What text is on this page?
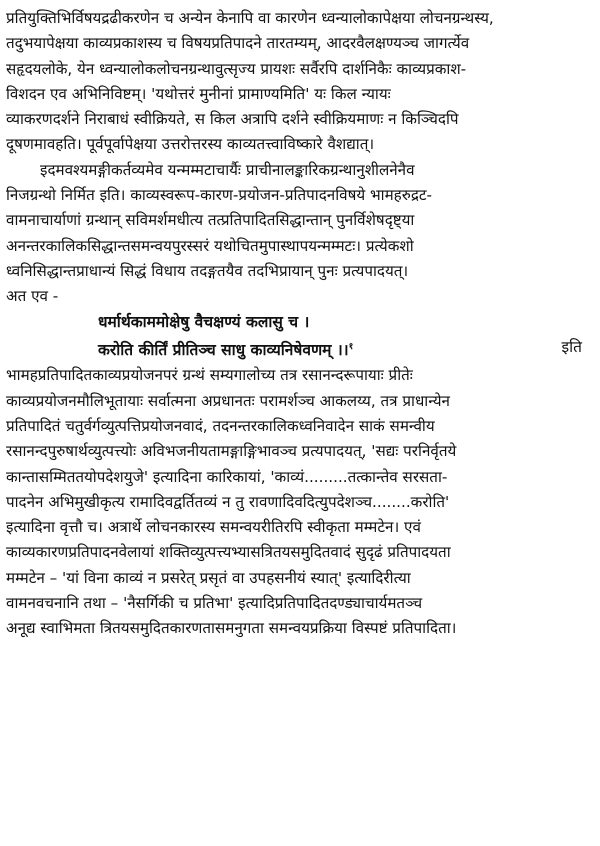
प्रतियुक्तिभिर्विषयद्रढीकरणेन च अन्येन केनापि वा कारणेन ध्वन्यालोकापेक्षया लोचनग्रन्थस्य,
तदुभयापेक्षया काव्यप्रकाशस्य च विषयप्रतिपादने तारतम्यम्, आदरवैलक्षण्यञ्च जागर्त्येव
सहृदयलोके, येन ध्वन्यालोकलोचनग्रन्थावुत्सृज्य प्रायशः सर्वैरपि दार्शनिकैः काव्यप्रकाश-
विशदन एव अभिनिविष्टम्। 'यथोत्तरं मुनीनां प्रामाण्यमिति' यः किल न्यायः
व्याकरणदर्शने निराबाधं स्वीक्रियते, स किल अत्रापि दर्शने स्वीक्रियमाणः न किञ्चिदपि
दूषणमावहति। पूर्वपूर्वापेक्षया उत्तरोत्तरस्य काव्यतत्त्वाविष्कारे वैशद्यात्।
इदमवश्यमङ्गीकर्तव्यमेव यन्मम्मटाचार्यैः प्राचीनालङ्कारिकग्रन्थानुशीलनेनैव
निजग्रन्थो निर्मित इति। काव्यस्वरूप-कारण-प्रयोजन-प्रतिपादनविषये भामहरुद्रट-
वामनाचार्याणां ग्रन्थान् सविमर्शमधीत्य तत्प्रतिपादितसिद्धान्तान् पुनर्विशेषदृष्ट्या
अनन्तरकालिकसिद्धान्तसमन्वयपुरस्सरं यथोचितमुपास्थापयन्मम्मटः। प्रत्येकशो
ध्वनिसिद्धान्तप्राधान्यं सिद्धं विधाय तदङ्गतयैव तदभिप्रायान् पुनः प्रत्यपादयत्।
अत एव -
धर्मार्थकाममोक्षेषु वैचक्षण्यं कलासु च ।
करोति कीर्तिं प्रीतिञ्च साधु काव्यनिषेवणम् ।।$^१$	इति
भामहप्रतिपादितकाव्यप्रयोजनपरं ग्रन्थं सम्यगालोच्य तत्र रसानन्दरूपायाः प्रीतेः
काव्यप्रयोजनमौलिभूतायाः सर्वात्मना अप्रधानतः परामर्शञ्च आकलय्य, तत्र प्राधान्येन
प्रतिपादितं चतुर्वर्गव्युत्पत्तिप्रयोजनवादं, तदनन्तरकालिकध्वनिवादेन साकं समन्वीय
रसानन्दपुरुषार्थव्युत्पत्त्योः अविभजनीयतामङ्गाङ्गिभावञ्च प्रत्यपादयत्, 'सद्यः परनिर्वृतये
कान्तासम्मिततयोपदेशयुजे' इत्यादिना कारिकायां, 'काव्यं.........तत्कान्तेव सरसता-
पादनेन अभिमुखीकृत्य रामादिवद्वर्तितव्यं न तु रावणादिवदित्युपदेशञ्च........करोति'
इत्यादिना वृत्तौ च। अत्रार्थे लोचनकारस्य समन्वयरीतिरपि स्वीकृता मम्मटेन। एवं
काव्यकारणप्रतिपादनवेलायां शक्तिव्युत्पत्त्यभ्यासत्रितयसमुदितवादं सुदृढं प्रतिपादयता
मम्मटेन – 'यां विना काव्यं न प्रसरेत् प्रसृतं वा उपहसनीयं स्यात्' इत्यादिरीत्या
वामनवचनानि तथा – 'नैसर्गिकी च प्रतिभा' इत्यादिप्रतिपादितदण्ड्याचार्यमतञ्च
अनूद्य स्वाभिमता त्रितयसमुदितकारणतासमनुगता समन्वयप्रक्रिया विस्पष्टं प्रतिपादिता।
